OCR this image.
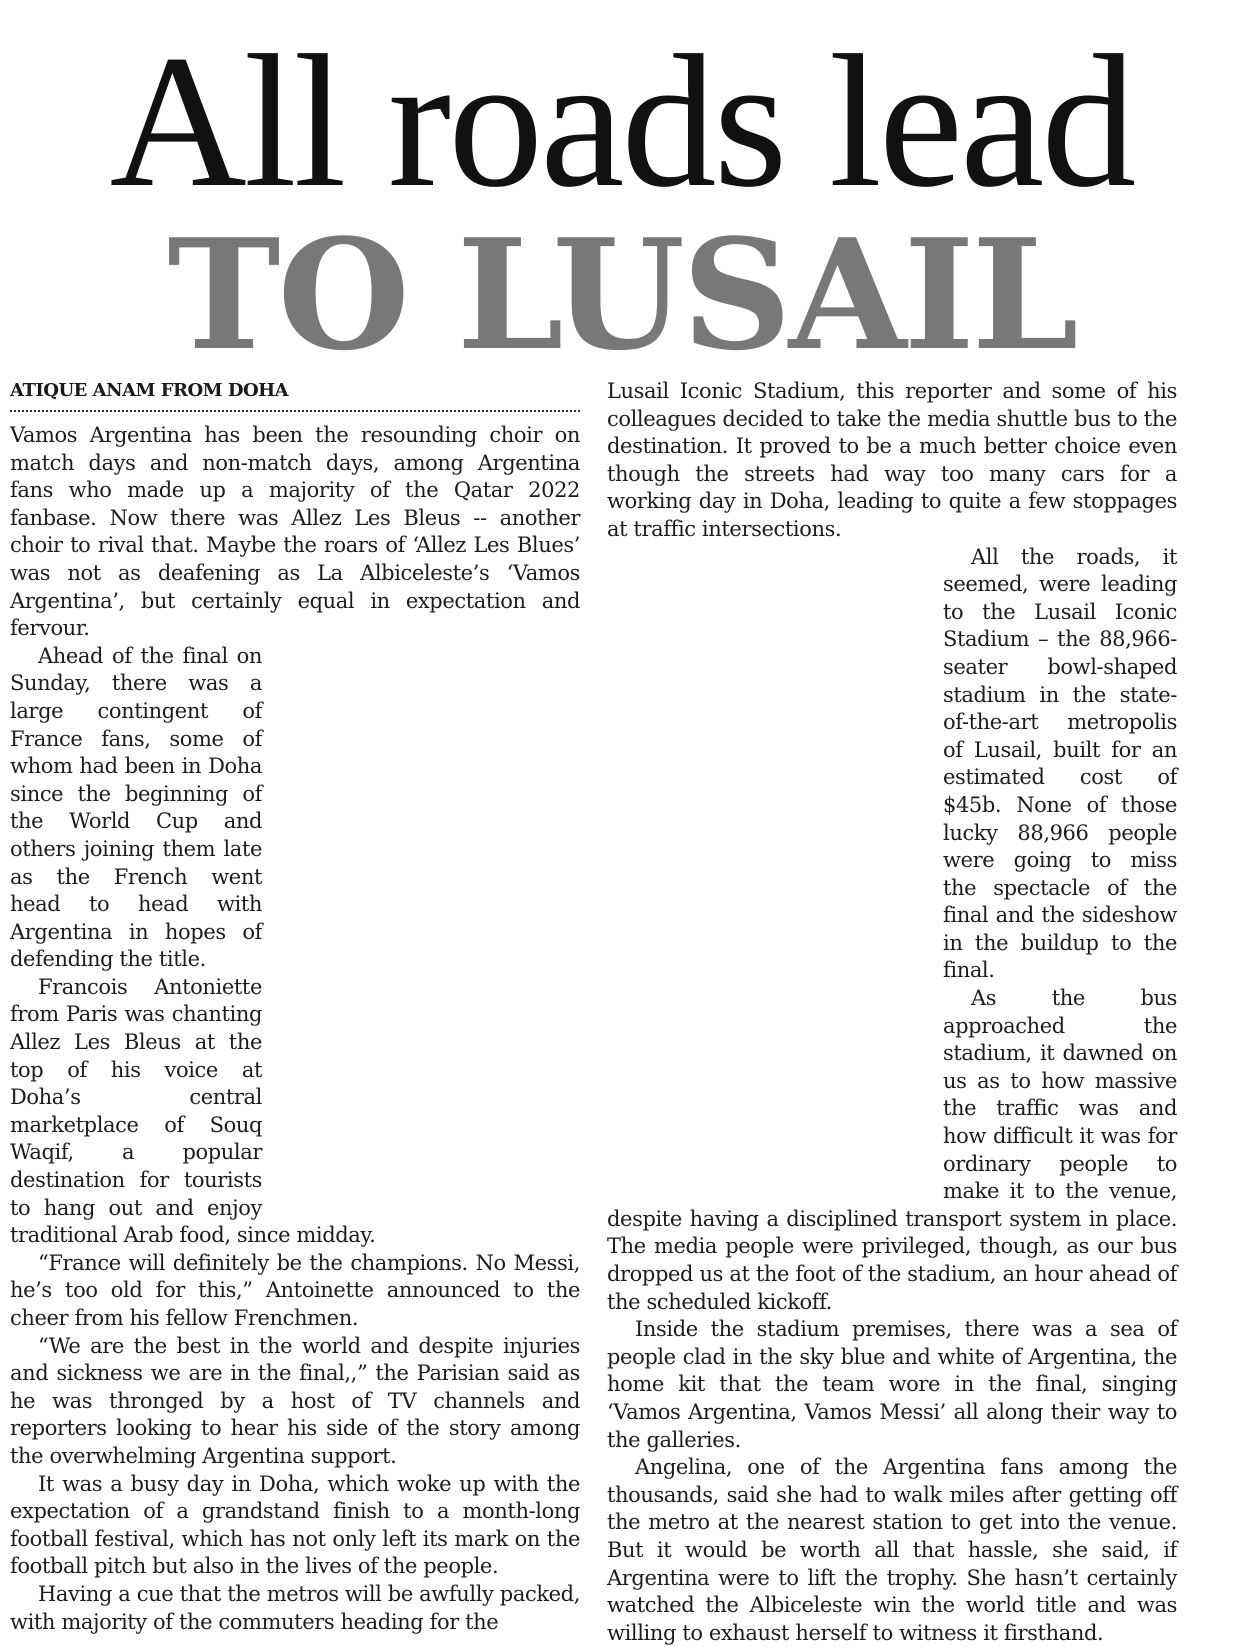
All roads lead
TO LUSAIL
ATIQUE ANAM FROM DOHA

Vamos Argentina has been the resounding choir on match days and non-match days, among Argentina fans who made up a majority of the Qatar 2022 fanbase. Now there was Allez Les Bleus -- another choir to rival that. Maybe the roars of ‘Allez Les Blues’ was not as deafening as La Albiceleste’s ‘Vamos Argentina’, but certainly equal in expectation and fervour.

Ahead of the final on Sunday, there was a large contingent of France fans, some of whom had been in Doha since the beginning of the World Cup and others joining them late as the French went head to head with Argentina in hopes of defending the title.

Francois Antoniette from Paris was chanting Allez Les Bleus at the top of his voice at Doha’s central marketplace of Souq Waqif, a popular destination for tourists to hang out and enjoy traditional Arab food, since midday.

“France will definitely be the champions. No Messi, he’s too old for this,” Antoinette announced to the cheer from his fellow Frenchmen.

“We are the best in the world and despite injuries and sickness we are in the final,,” the Parisian said as he was thronged by a host of TV channels and reporters looking to hear his side of the story among the overwhelming Argentina support.

It was a busy day in Doha, which woke up with the expectation of a grandstand finish to a month-long football festival, which has not only left its mark on the football pitch but also in the lives of the people.

Having a cue that the metros will be awfully packed, with majority of the commuters heading for the

Lusail Iconic Stadium, this reporter and some of his colleagues decided to take the media shuttle bus to the destination. It proved to be a much better choice even though the streets had way too many cars for a working day in Doha, leading to quite a few stoppages at traffic intersections.

All the roads, it seemed, were leading to the Lusail Iconic Stadium – the 88,966-seater bowl-shaped stadium in the state-of-the-art metropolis of Lusail, built for an estimated cost of $45b. None of those lucky 88,966 people were going to miss the spectacle of the final and the sideshow in the buildup to the final.

As the bus approached the stadium, it dawned on us as to how massive the traffic was and how difficult it was for ordinary people to make it to the venue, despite having a disciplined transport system in place. The media people were privileged, though, as our bus dropped us at the foot of the stadium, an hour ahead of the scheduled kickoff.

Inside the stadium premises, there was a sea of people clad in the sky blue and white of Argentina, the home kit that the team wore in the final, singing ‘Vamos Argentina, Vamos Messi’ all along their way to the galleries.

Angelina, one of the Argentina fans among the thousands, said she had to walk miles after getting off the metro at the nearest station to get into the venue. But it would be worth all that hassle, she said, if Argentina were to lift the trophy. She hasn’t certainly watched the Albiceleste win the world title and was willing to exhaust herself to witness it firsthand.
